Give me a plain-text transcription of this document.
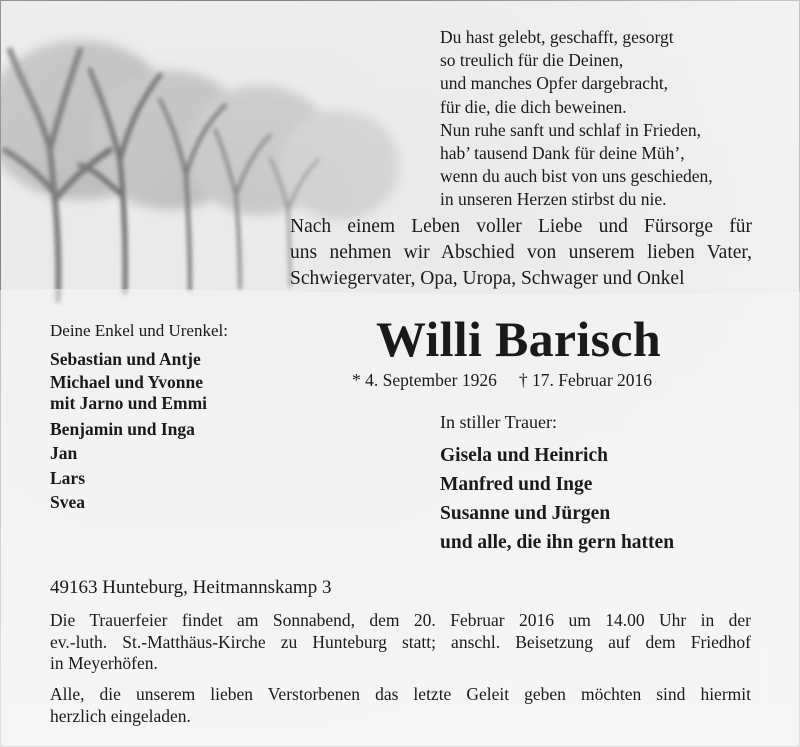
Du hast gelebt, geschafft, gesorgt
so treulich für die Deinen,
und manches Opfer dargebracht,
für die, die dich beweinen.
Nun ruhe sanft und schlaf in Frieden,
hab’ tausend Dank für deine Müh’,
wenn du auch bist von uns geschieden,
in unseren Herzen stirbst du nie.
Nach einem Leben voller Liebe und Fürsorge für
uns nehmen wir Abschied von unserem lieben Vater,
Schwiegervater, Opa, Uropa, Schwager und Onkel
Willi Barisch
* 4. September 1926 † 17. Februar 2016
Deine Enkel und Urenkel:
Sebastian und Antje
Michael und Yvonne
mit Jarno und Emmi
Benjamin und Inga
Jan
Lars
Svea
In stiller Trauer:
Gisela und Heinrich
Manfred und Inge
Susanne und Jürgen
und alle, die ihn gern hatten
49163 Hunteburg, Heitmannskamp 3
Die Trauerfeier findet am Sonnabend, dem 20. Februar 2016 um 14.00 Uhr in der
ev.-luth. St.-Matthäus-Kirche zu Hunteburg statt; anschl. Beisetzung auf dem Friedhof
in Meyerhöfen.
Alle, die unserem lieben Verstorbenen das letzte Geleit geben möchten sind hiermit
herzlich eingeladen.
